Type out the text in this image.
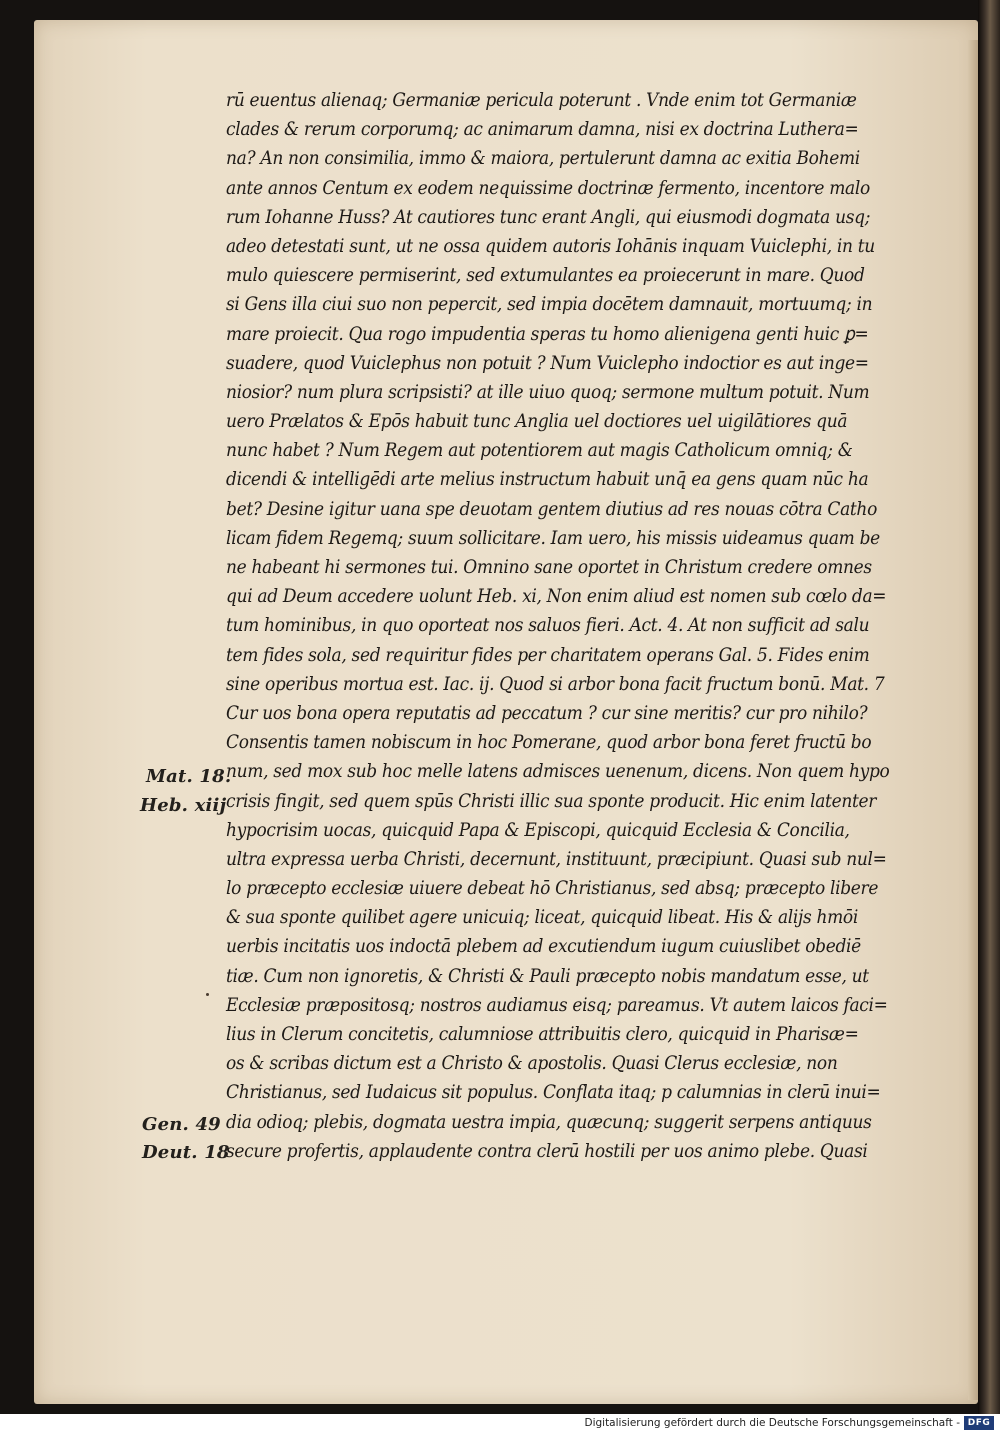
rū euentus alienaq; Germaniæ pericula poterunt . Vnde enim tot Germaniæ
clades & rerum corporumq; ac animarum damna, nisi ex doctrina Luthera=
na? An non consimilia, immo & maiora, pertulerunt damna ac exitia Bohemi
ante annos Centum ex eodem nequissime doctrinæ fermento, incentore malo
rum Iohanne Huss? At cautiores tunc erant Angli, qui eiusmodi dogmata usq;
adeo detestati sunt, ut ne ossa quidem autoris Iohānis inquam Vuiclephi, in tu
mulo quiescere permiserint, sed extumulantes ea proiecerunt in mare. Quod
si Gens illa ciui suo non pepercit, sed impia docētem damnauit, mortuumq; in
mare proiecit. Qua rogo impudentia speras tu homo alienigena genti huic ꝑ=
suadere, quod Vuiclephus non potuit ? Num Vuiclepho indoctior es aut inge=
niosior? num plura scripsisti? at ille uiuo quoq; sermone multum potuit. Num
uero Prælatos & Epōs habuit tunc Anglia uel doctiores uel uigilātiores quā
nunc habet ? Num Regem aut potentiorem aut magis Catholicum omniq; &
dicendi & intelligēdi arte melius instructum habuit unq̄ ea gens quam nūc ha
bet? Desine igitur uana spe deuotam gentem diutius ad res nouas cōtra Catho
licam fidem Regemq; suum sollicitare. Iam uero, his missis uideamus quam be
ne habeant hi sermones tui. Omnino sane oportet in Christum credere omnes
qui ad Deum accedere uolunt Heb. xi, Non enim aliud est nomen sub cœlo da=
tum hominibus, in quo oporteat nos saluos fieri. Act. 4. At non sufficit ad salu
tem fides sola, sed requiritur fides per charitatem operans Gal. 5. Fides enim
sine operibus mortua est. Iac. ij. Quod si arbor bona facit fructum bonū. Mat. 7
Cur uos bona opera reputatis ad peccatum ? cur sine meritis? cur pro nihilo?
Consentis tamen nobiscum in hoc Pomerane, quod arbor bona feret fructū bo
num, sed mox sub hoc melle latens admisces uenenum, dicens. Non quem hypo
crisis fingit, sed quem spūs Christi illic sua sponte producit. Hic enim latenter
hypocrisim uocas, quicquid Papa & Episcopi, quicquid Ecclesia & Concilia,
ultra expressa uerba Christi, decernunt, instituunt, præcipiunt. Quasi sub nul=
lo præcepto ecclesiæ uiuere debeat hō Christianus, sed absq; præcepto libere
& sua sponte quilibet agere unicuiq; liceat, quicquid libeat. His & alijs hmōi
uerbis incitatis uos indoctā plebem ad excutiendum iugum cuiuslibet obediē
tiæ. Cum non ignoretis, & Christi & Pauli præcepto nobis mandatum esse, ut
Ecclesiæ præpositosq; nostros audiamus eisq; pareamus. Vt autem laicos faci=
lius in Clerum concitetis, calumniose attribuitis clero, quicquid in Pharisæ=
os & scribas dictum est a Christo & apostolis. Quasi Clerus ecclesiæ, non
Christianus, sed Iudaicus sit populus. Conflata itaq; p calumnias in clerū inui=
dia odioq; plebis, dogmata uestra impia, quæcunq; suggerit serpens antiquus
secure profertis, applaudente contra clerū hostili per uos animo plebe. Quasi
Mat. 18.
Heb. xiij
Gen. 49
Deut. 18
Digitalisierung gefördert durch die Deutsche Forschungsgemeinschaft - DFG
